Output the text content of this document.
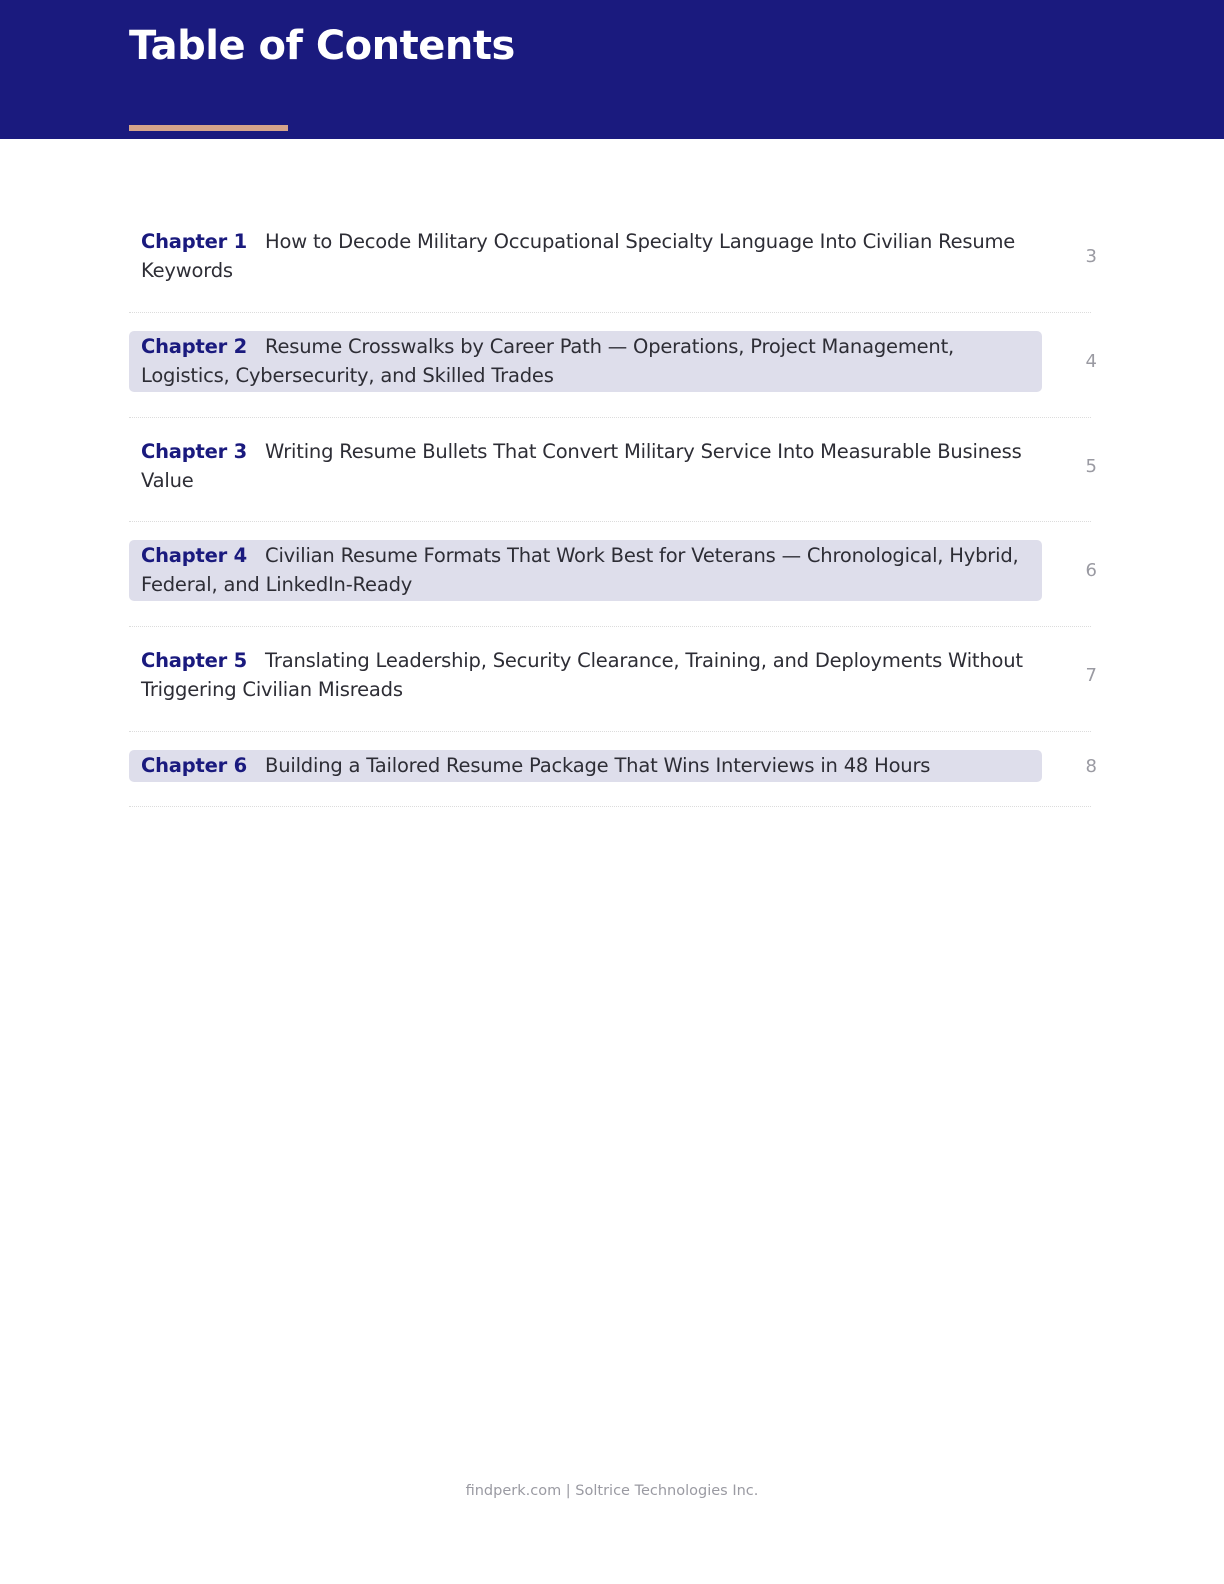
Table of Contents
Chapter 1 How to Decode Military Occupational Specialty Language Into Civilian Resume Keywords
3
Chapter 2 Resume Crosswalks by Career Path — Operations, Project Management, Logistics, Cybersecurity, and Skilled Trades
4
Chapter 3 Writing Resume Bullets That Convert Military Service Into Measurable Business Value
5
Chapter 4 Civilian Resume Formats That Work Best for Veterans — Chronological, Hybrid, Federal, and LinkedIn-Ready
6
Chapter 5 Translating Leadership, Security Clearance, Training, and Deployments Without Triggering Civilian Misreads
7
Chapter 6 Building a Tailored Resume Package That Wins Interviews in 48 Hours	8

findperk.com | Soltrice Technologies Inc.
